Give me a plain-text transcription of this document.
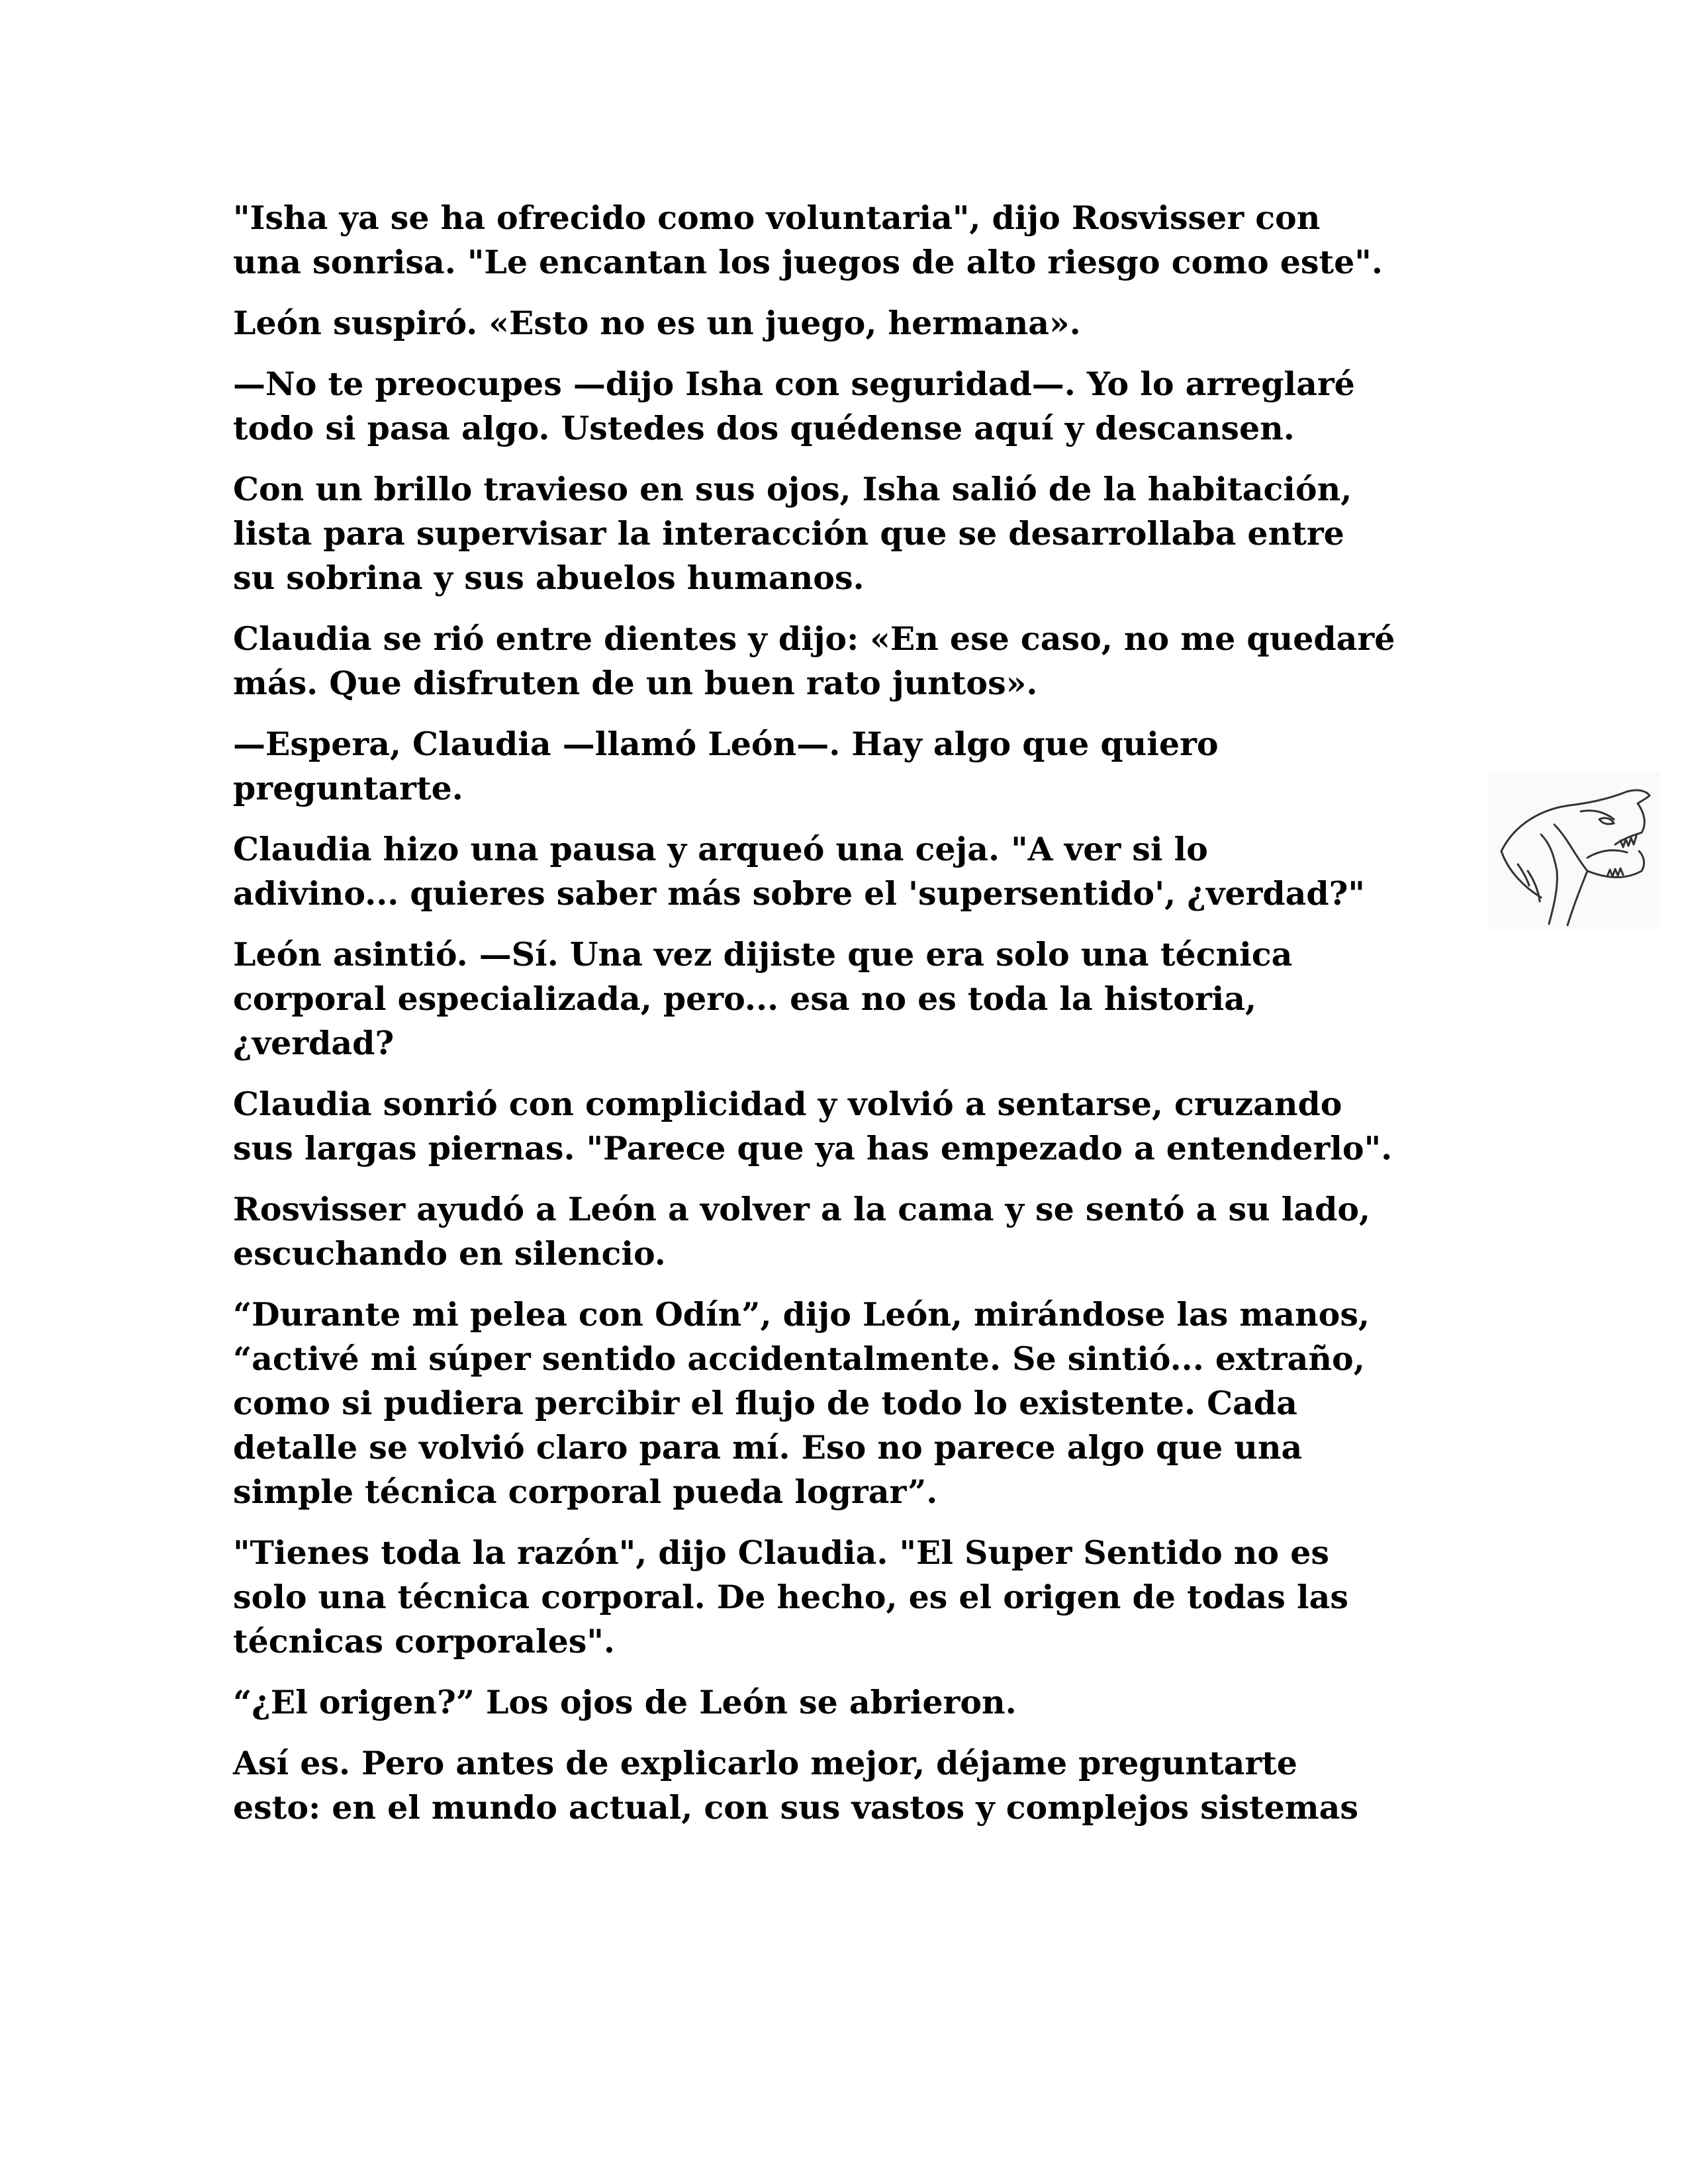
"Isha ya se ha ofrecido como voluntaria", dijo Rosvisser con
una sonrisa. "Le encantan los juegos de alto riesgo como este".

León suspiró. «Esto no es un juego, hermana».

—No te preocupes —dijo Isha con seguridad—. Yo lo arreglaré
todo si pasa algo. Ustedes dos quédense aquí y descansen.

Con un brillo travieso en sus ojos, Isha salió de la habitación,
lista para supervisar la interacción que se desarrollaba entre
su sobrina y sus abuelos humanos.

Claudia se rió entre dientes y dijo: «En ese caso, no me quedaré
más. Que disfruten de un buen rato juntos».

—Espera, Claudia —llamó León—. Hay algo que quiero
preguntarte.

Claudia hizo una pausa y arqueó una ceja. "A ver si lo
adivino... quieres saber más sobre el 'supersentido', ¿verdad?"

León asintió. —Sí. Una vez dijiste que era solo una técnica
corporal especializada, pero... esa no es toda la historia,
¿verdad?

Claudia sonrió con complicidad y volvió a sentarse, cruzando
sus largas piernas. "Parece que ya has empezado a entenderlo".

Rosvisser ayudó a León a volver a la cama y se sentó a su lado,
escuchando en silencio.

“Durante mi pelea con Odín”, dijo León, mirándose las manos,
“activé mi súper sentido accidentalmente. Se sintió... extraño,
como si pudiera percibir el flujo de todo lo existente. Cada
detalle se volvió claro para mí. Eso no parece algo que una
simple técnica corporal pueda lograr”.

"Tienes toda la razón", dijo Claudia. "El Super Sentido no es
solo una técnica corporal. De hecho, es el origen de todas las
técnicas corporales".

“¿El origen?” Los ojos de León se abrieron.

Así es. Pero antes de explicarlo mejor, déjame preguntarte
esto: en el mundo actual, con sus vastos y complejos sistemas
